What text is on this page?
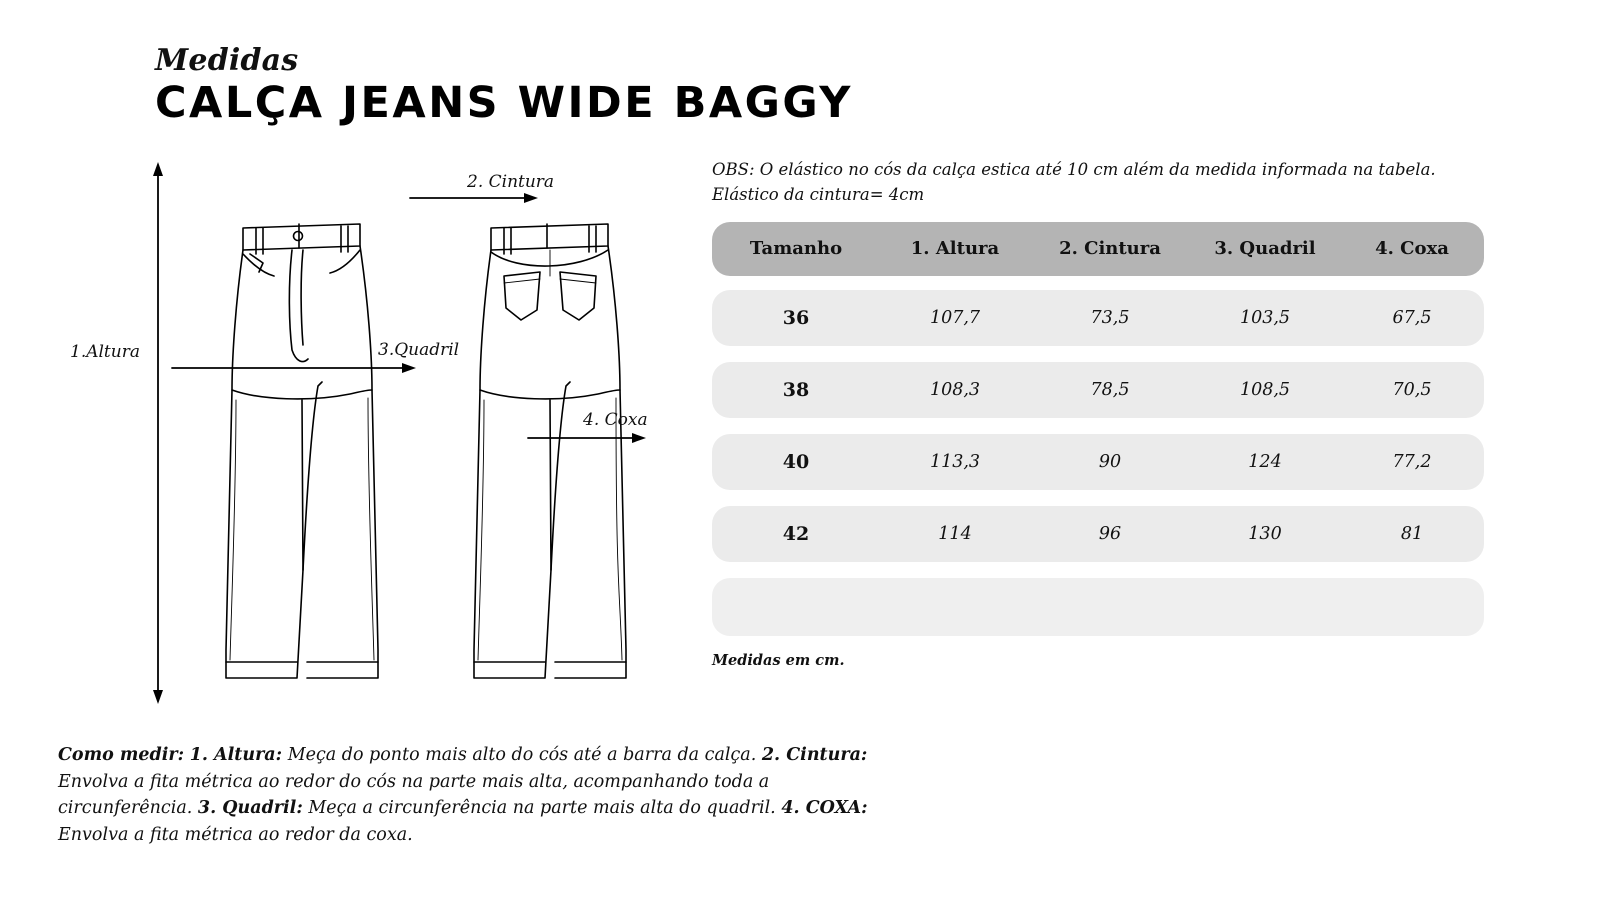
Medidas
CALÇA JEANS WIDE BAGGY
1.Altura
2. Cintura
3.Quadril
4. Coxa
OBS: O elástico no cós da calça estica até 10 cm além da medida informada na tabela.
Elástico da cintura= 4cm
Tamanho	1. Altura	2. Cintura	3. Quadril	4. Coxa
36	107,7	73,5	103,5	67,5
38	108,3	78,5	108,5	70,5
40	113,3	90	124	77,2
42	114	96	130	81
Medidas em cm.
Como medir: 1. Altura: Meça do ponto mais alto do cós até a barra da calça. 2. Cintura: Envolva a fita métrica ao redor do cós na parte mais alta, acompanhando toda a circunferência. 3. Quadril: Meça a circunferência na parte mais alta do quadril. 4. COXA: Envolva a fita métrica ao redor da coxa.
